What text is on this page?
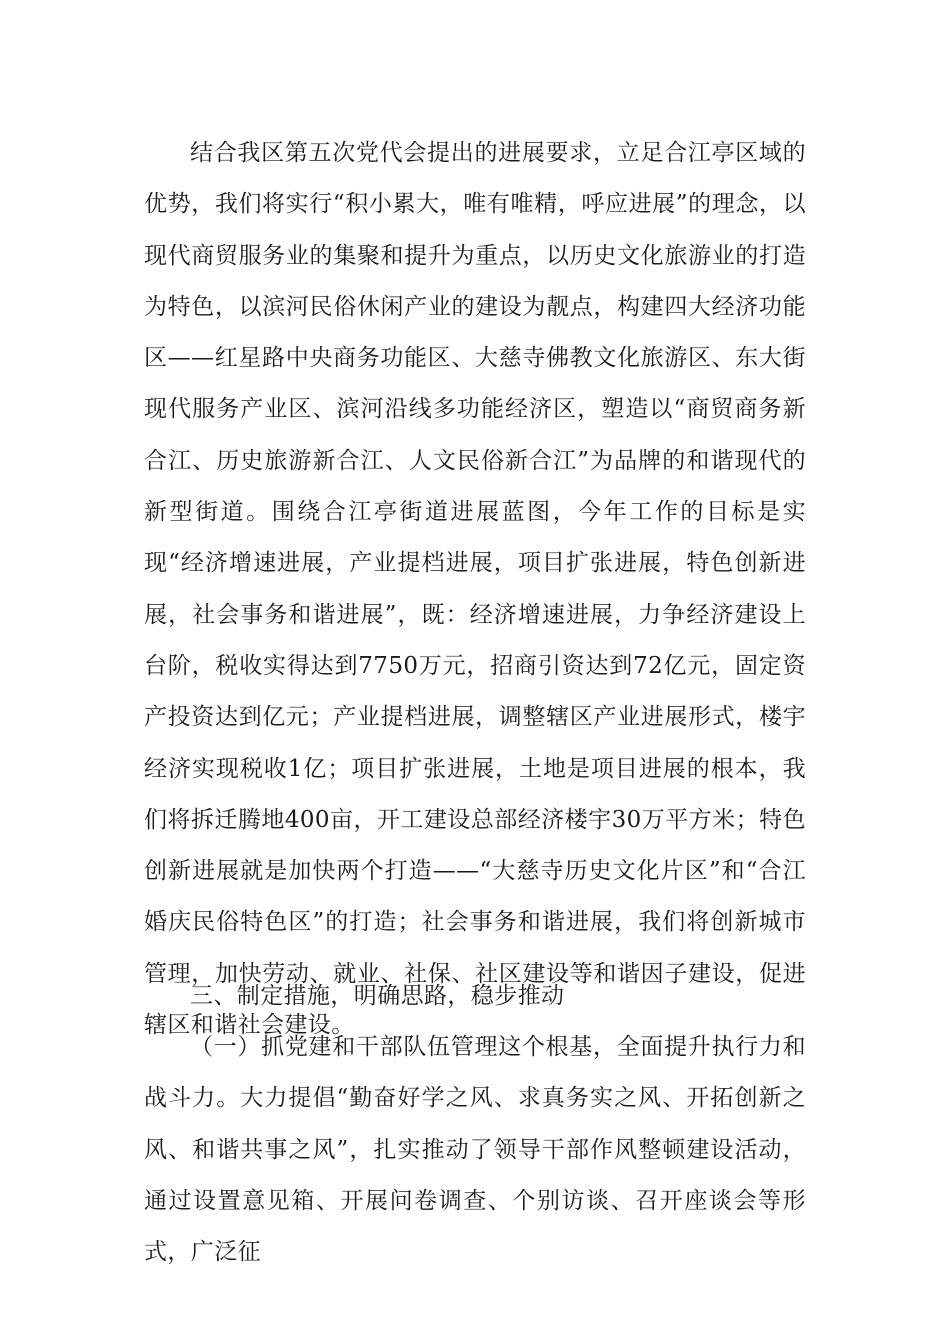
结合我区第五次党代会提出的进展要求，立足合江亭区域的优势，我们将实行“积小累大，唯有唯精，呼应进展”的理念，以现代商贸服务业的集聚和提升为重点，以历史文化旅游业的打造为特色，以滨河民俗休闲产业的建设为靓点，构建四大经济功能区——红星路中央商务功能区、大慈寺佛教文化旅游区、东大街现代服务产业区、滨河沿线多功能经济区，塑造以“商贸商务新合江、历史旅游新合江、人文民俗新合江”为品牌的和谐现代的新型街道。围绕合江亭街道进展蓝图，今年工作的目标是实现“经济增速进展，产业提档进展，项目扩张进展，特色创新进展，社会事务和谐进展”，既：经济增速进展，力争经济建设上台阶，税收实得达到7750万元，招商引资达到72亿元，固定资产投资达到亿元；产业提档进展，调整辖区产业进展形式，楼宇经济实现税收1亿；项目扩张进展，土地是项目进展的根本，我们将拆迁腾地400亩，开工建设总部经济楼宇30万平方米；特色创新进展就是加快两个打造——“大慈寺历史文化片区”和“合江婚庆民俗特色区”的打造；社会事务和谐进展，我们将创新城市管理，加快劳动、就业、社保、社区建设等和谐因子建设，促进辖区和谐社会建设。

三、制定措施，明确思路，稳步推动

（一）抓党建和干部队伍管理这个根基，全面提升执行力和战斗力。大力提倡“勤奋好学之风、求真务实之风、开拓创新之风、和谐共事之风”，扎实推动了领导干部作风整顿建设活动，通过设置意见箱、开展问卷调查、个别访谈、召开座谈会等形式，广泛征
